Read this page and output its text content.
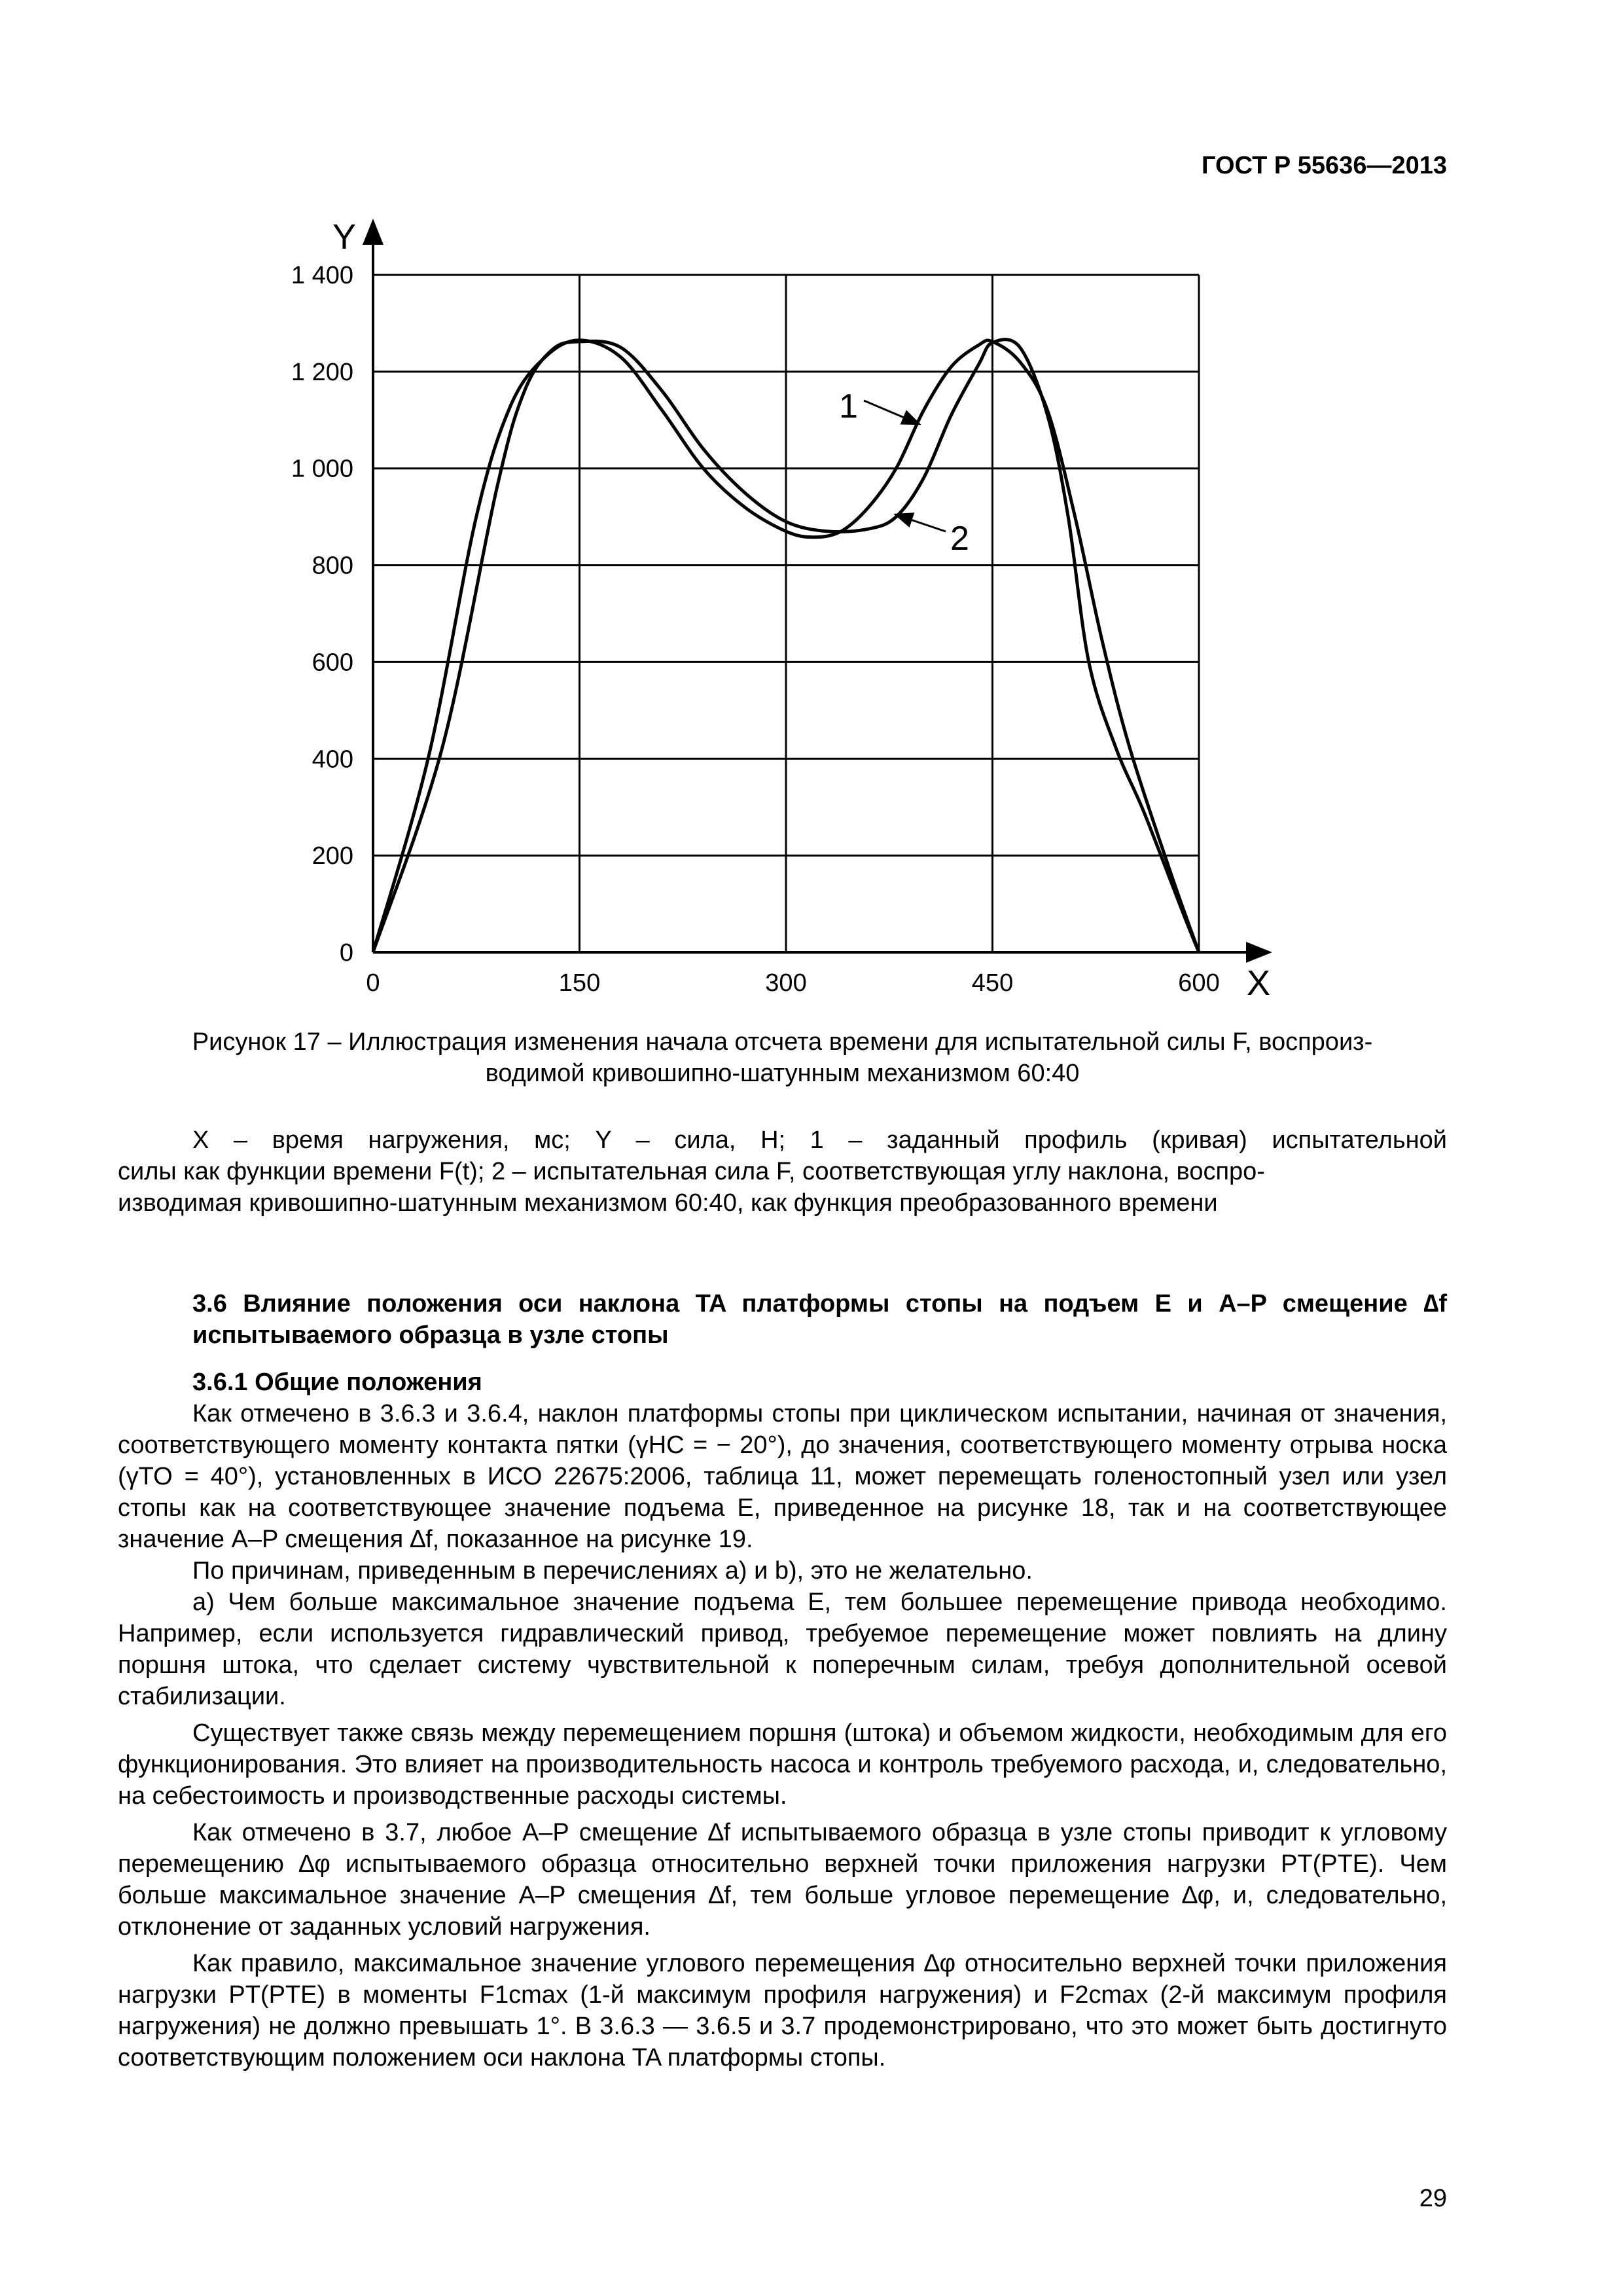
ГОСТ Р 55636—2013
Y
X
0
200
400
600
800
1 000
1 200
1 400
0	150	300	450	600
1
2
Рисунок 17 – Иллюстрация изменения начала отсчета времени для испытательной силы F, воспроиз-
водимой кривошипно-шатунным механизмом 60:40

X – время нагружения, мс; Y – сила, Н; 1 – заданный профиль (кривая) испытательной

силы как функции времени F(t); 2 – испытательная сила F, соответствующая углу наклона, воспро-

изводимая кривошипно-шатунным механизмом 60:40, как функция преобразованного времени

3.6 Влияние положения оси наклона TA платформы стопы на подъем E и A–P смещение ∆f испытываемого образца в узле стопы

3.6.1 Общие положения

Как отмечено в 3.6.3 и 3.6.4, наклон платформы стопы при циклическом испытании, начиная от значения, соответствующего моменту контакта пятки (γHC = − 20°), до значения, соответствующего моменту отрыва носка (γTO = 40°), установленных в ИСО 22675:2006, таблица 11, может перемещать голеностопный узел или узел стопы как на соответствующее значение подъема E, приведенное на рисунке 18, так и на соответствующее значение A–P смещения ∆f, показанное на рисунке 19.

По причинам, приведенным в перечислениях a) и b), это не желательно.

a) Чем больше максимальное значение подъема E, тем большее перемещение привода необходимо. Например, если используется гидравлический привод, требуемое перемещение может повлиять на длину поршня штока, что сделает систему чувствительной к поперечным силам, требуя дополнительной осевой стабилизации.

Существует также связь между перемещением поршня (штока) и объемом жидкости, необходимым для его функционирования. Это влияет на производительность насоса и контроль требуемого расхода, и, следовательно, на себестоимость и производственные расходы системы.

Как отмечено в 3.7, любое A–P смещение ∆f испытываемого образца в узле стопы приводит к угловому перемещению ∆φ испытываемого образца относительно верхней точки приложения нагрузки PT(PTE). Чем больше максимальное значение A–P смещения ∆f, тем больше угловое перемещение ∆φ, и, следовательно, отклонение от заданных условий нагружения.

Как правило, максимальное значение углового перемещения ∆φ относительно верхней точки приложения нагрузки PT(PTE) в моменты F1cmax (1-й максимум профиля нагружения) и F2cmax (2-й максимум профиля нагружения) не должно превышать 1°. В 3.6.3 — 3.6.5 и 3.7 продемонстрировано, что это может быть достигнуто соответствующим положением оси наклона TA платформы стопы.

29
